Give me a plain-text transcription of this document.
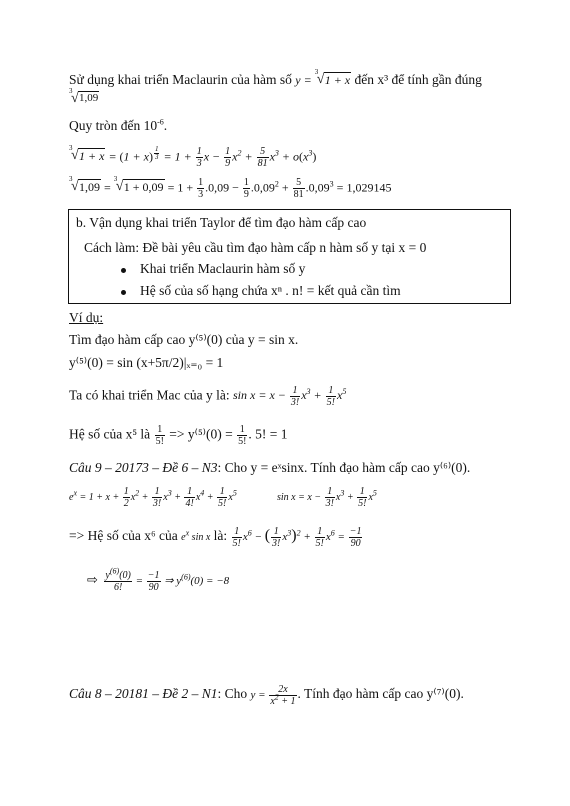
Sử dụng khai triển Maclaurin của hàm số y =
3
√ 1 + x đến x³ để tính gần đúng
3
√ 1,09
Quy tròn đến $10^{-6}$.
3
√ 1 + x = (1 + x) $^{\frac{1}{3}} = 1 + \frac{1}{3}$ $x - \frac{1}{9} x^2 + \frac{5}{81} x^3 + o(x^3)$
3
√ 1,09 =
3
√ $1 + 0,09 = 1 + \frac{1}{3} .0,09 - \frac{1}{9} .0,09^2 + \frac{5}{81} .0,09^3 = 1,029145$
b. Vận dụng khai triển Taylor để tìm đạo hàm cấp cao
Cách làm: Đề bài yêu cầu tìm đạo hàm cấp n hàm số y tại x = 0
Khai triển Maclaurin hàm số y
Hệ số của số hạng chứa xⁿ . n! = kết quả cần tìm
Ví dụ:
Tìm đạo hàm cấp cao y⁽⁵⁾(0) của y = sin x.
y⁽⁵⁾(0) = sin (x+5π/2)|ₓ₌₀ = 1
Ta có khai triển Mac của y là: $\sin x = x - \frac{1}{3!} x^3 + \frac{1}{5!} x^5$
Hệ số của x⁵ là $\frac{1}{5!} => y^{(5)}(0) = \frac{1}{5!}$ . 5! = 1
Câu 9 – 20173 – Đề 6 – N3: Cho y = eˣsinx. Tính đạo hàm cấp cao y⁽⁶⁾(0).
$e^x = 1 + x + \frac{1}{2} x^2 + \frac{1}{3!} x^3 + \frac{1}{4!} x^4 + \frac{1}{5!} x^5$	$\sin x = x - \frac{1}{3!} x^3 + \frac{1}{5!} x^5$
=> Hệ số của x⁶ của $e^x$ sin x là: $\frac{1}{5!} x^6$ − ( $\frac{1}{3!} x^3)^2 + \frac{1}{5!} x^6 = \frac{-1}{90}$
⇨ $\frac{y^{(6)}(0)}{6!} = \frac{-1}{90}$ ⇒ $y^{(6)}(0) = -8$
Câu 8 – 20181 – Đề 2 – N1: Cho $y = \frac{2x}{x^2 + 1}$ . Tính đạo hàm cấp cao y⁽⁷⁾(0).
